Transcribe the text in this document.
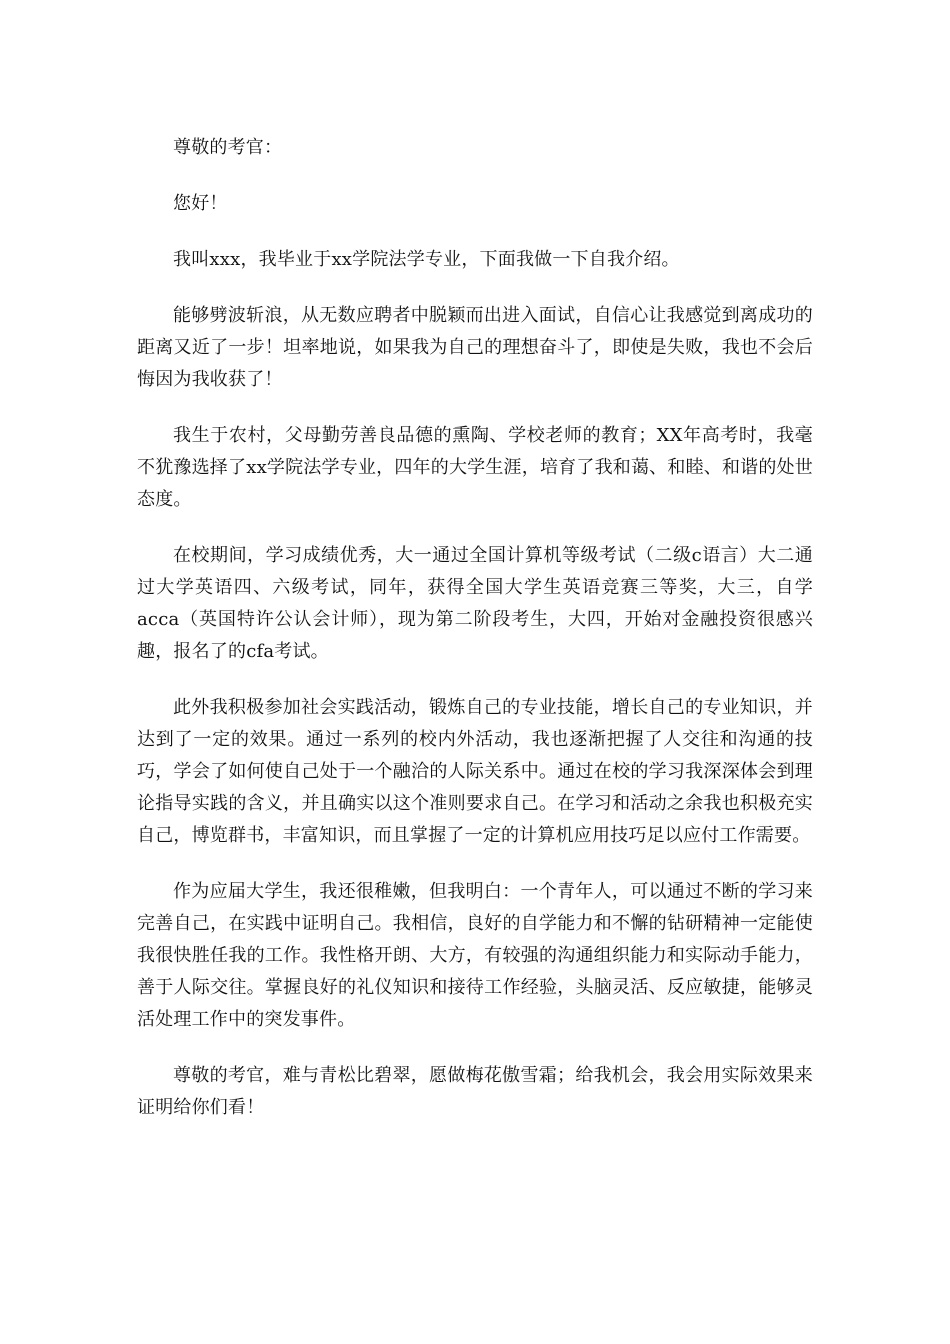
尊敬的考官：

您好！

我叫xxx，我毕业于xx学院法学专业，下面我做一下自我介绍。

能够劈波斩浪，从无数应聘者中脱颖而出进入面试，自信心让我感觉到离成功的距离又近了一步！坦率地说，如果我为自己的理想奋斗了，即使是失败，我也不会后悔因为我收获了！

我生于农村，父母勤劳善良品德的熏陶、学校老师的教育；XX年高考时，我毫不犹豫选择了xx学院法学专业，四年的大学生涯，培育了我和蔼、和睦、和谐的处世态度。

在校期间，学习成绩优秀，大一通过全国计算机等级考试（二级c语言）大二通过大学英语四、六级考试，同年，获得全国大学生英语竞赛三等奖，大三，自学acca（英国特许公认会计师），现为第二阶段考生，大四，开始对金融投资很感兴趣，报名了的cfa考试。

此外我积极参加社会实践活动，锻炼自己的专业技能，增长自己的专业知识，并达到了一定的效果。通过一系列的校内外活动，我也逐渐把握了人交往和沟通的技巧，学会了如何使自己处于一个融洽的人际关系中。通过在校的学习我深深体会到理论指导实践的含义，并且确实以这个准则要求自己。在学习和活动之余我也积极充实自己，博览群书，丰富知识，而且掌握了一定的计算机应用技巧足以应付工作需要。

作为应届大学生，我还很稚嫩，但我明白：一个青年人，可以通过不断的学习来完善自己，在实践中证明自己。我相信，良好的自学能力和不懈的钻研精神一定能使我很快胜任我的工作。我性格开朗、大方，有较强的沟通组织能力和实际动手能力，善于人际交往。掌握良好的礼仪知识和接待工作经验，头脑灵活、反应敏捷，能够灵活处理工作中的突发事件。

尊敬的考官，难与青松比碧翠，愿做梅花傲雪霜；给我机会，我会用实际效果来证明给你们看！
